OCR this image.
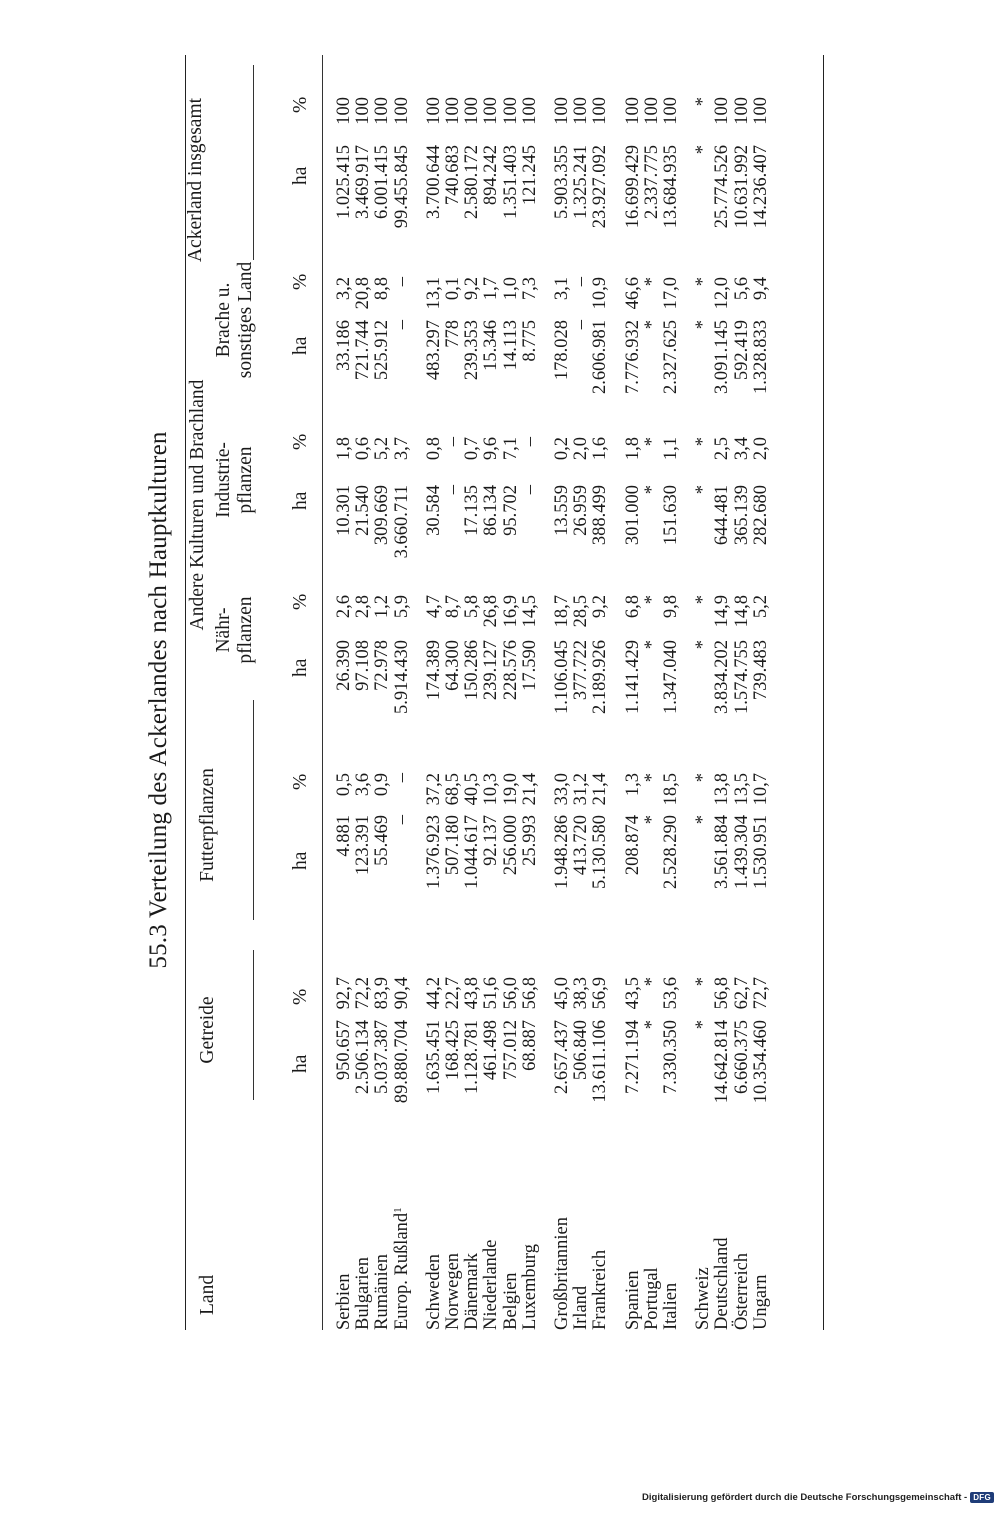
55.3 Verteilung des Ackerlandes nach Hauptkulturen
Land
Getreide
Futterpflanzen
Andere Kulturen und Brachland
Ackerland insgesamt
Nähr- pflanzen
Industrie- pflanzen
Brache u. sonstiges Land
ha
%
ha
%
ha
%
ha
%
ha
%
ha
%
Serbien
950.657
92,7
4.881
0,5
26.390
2,6
10.301
1,8
33.186
3,2
1.025.415
100
Bulgarien
2.506.134
72,2
123.391
3,6
97.108
2,8
21.540
0,6
721.744
20,8
3.469.917
100
Rumänien
5.037.387
83,9
55.469
0,9
72.978
1,2
309.669
5,2
525.912
8,8
6.001.415
100
Europ. Rußland$^1$
89.880.704
90,4
–
–
5.914.430
5,9
3.660.711
3,7
–
–
99.455.845
100
Schweden
1.635.451
44,2
1.376.923
37,2
174.389
4,7
30.584
0,8
483.297
13,1
3.700.644
100
Norwegen
168.425
22,7
507.180
68,5
64.300
8,7
–
–
778
0,1
740.683
100
Dänemark
1.128.781
43,8
1.044.617
40,5
150.286
5,8
17.135
0,7
239.353
9,2
2.580.172
100
Niederlande
461.498
51,6
92.137
10,3
239.127
26,8
86.134
9,6
15.346
1,7
894.242
100
Belgien
757.012
56,0
256.000
19,0
228.576
16,9
95.702
7,1
14.113
1,0
1.351.403
100
Luxemburg
68.887
56,8
25.993
21,4
17.590
14,5
–
–
8.775
7,3
121.245
100
Großbritannien
2.657.437
45,0
1.948.286
33,0
1.106.045
18,7
13.559
0,2
178.028
3,1
5.903.355
100
Irland
506.840
38,3
413.720
31,2
377.722
28,5
26.959
2,0
–
–
1.325.241
100
Frankreich
13.611.106
56,9
5.130.580
21,4
2.189.926
9,2
388.499
1,6
2.606.981
10,9
23.927.092
100
Spanien
7.271.194
43,5
208.874
1,3
1.141.429
6,8
301.000
1,8
7.776.932
46,6
16.699.429
100
Portugal
*
*
*
*
*
*
*
*
*
*
2.337.775
100
Italien
7.330.350
53,6
2.528.290
18,5
1.347.040
9,8
151.630
1,1
2.327.625
17,0
13.684.935
100
Schweiz
*
*
*
*
*
*
*
*
*
*
*
*
Deutschland
14.642.814
56,8
3.561.884
13,8
3.834.202
14,9
644.481
2,5
3.091.145
12,0
25.774.526
100
Österreich
6.660.375
62,7
1.439.304
13,5
1.574.755
14,8
365.139
3,4
592.419
5,6
10.631.992
100
Ungarn
10.354.460
72,7
1.530.951
10,7
739.483
5,2
282.680
2,0
1.328.833
9,4
14.236.407
100
Digitalisierung gefördert durch die Deutsche Forschungsgemeinschaft - DFG
